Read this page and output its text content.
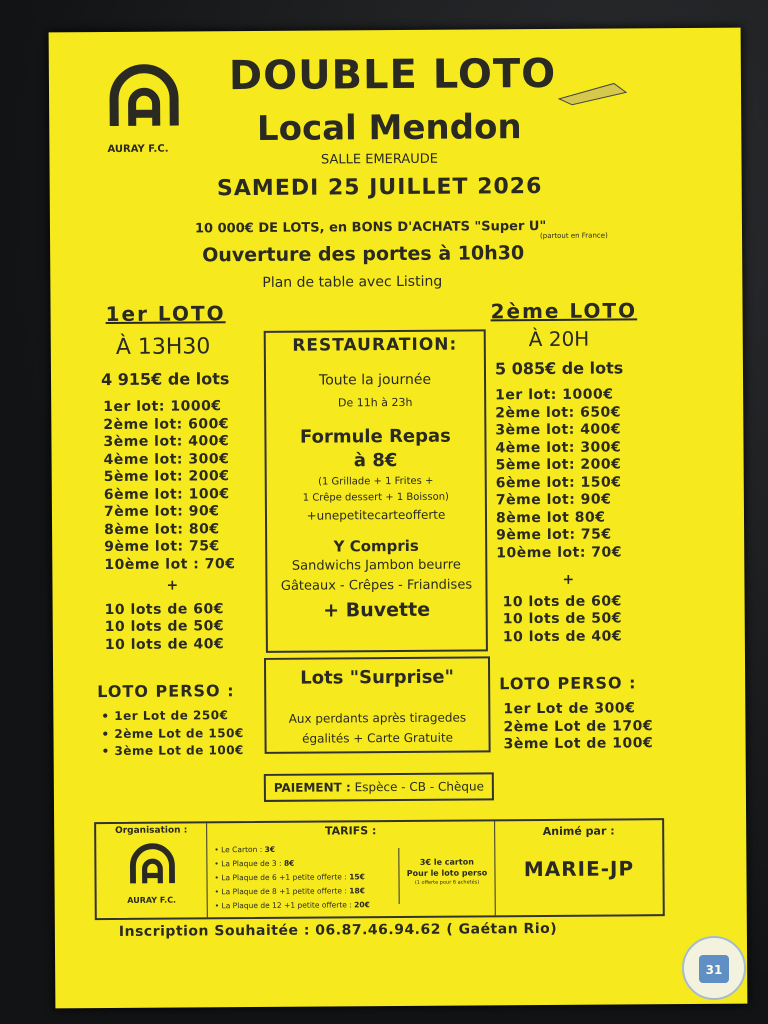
AURAY F.C.
DOUBLE LOTO
Local Mendon
SALLE EMERAUDE
SAMEDI 25 JUILLET 2026
10 000€ DE LOTS, en BONS D'ACHATS "Super U"
(partout en France)
Ouverture des portes à 10h30
Plan de table avec Listing
1er LOTO
À 13H30
4 915€ de lots
1er lot: 1000€
2ème lot: 600€
3ème lot: 400€
4ème lot: 300€
5ème lot: 200€
6ème lot: 100€
7ème lot: 90€
8ème lot: 80€
9ème lot: 75€
10ème lot : 70€
+
10 lots de 60€
10 lots de 50€
10 lots de 40€
LOTO PERSO :
• 1er Lot de 250€
• 2ème Lot de 150€
• 3ème Lot de 100€
RESTAURATION:
Toute la journée
De 11h à 23h
Formule Repas
à 8€
(1 Grillade + 1 Frites +
1 Crêpe dessert + 1 Boisson)
+unepetitecarteofferte
Y Compris
Sandwichs Jambon beurre
Gâteaux - Crêpes - Friandises
+ Buvette
Lots "Surprise"
Aux perdants après tiragedes
égalités + Carte Gratuite
PAIEMENT : Espèce - CB - Chèque
2ème LOTO
À 20H
5 085€ de lots
1er lot: 1000€
2ème lot: 650€
3ème lot: 400€
4ème lot: 300€
5ème lot: 200€
6ème lot: 150€
7ème lot: 90€
8ème lot 80€
9ème lot: 75€
10ème lot: 70€
+
10 lots de 60€
10 lots de 50€
10 lots de 40€
LOTO PERSO :
1er Lot de 300€
2ème Lot de 170€
3ème Lot de 100€
Organisation :
AURAY F.C.
TARIFS :
• Le Carton : 3€
• La Plaque de 3 : 8€
• La Plaque de 6 +1 petite offerte : 15€
• La Plaque de 8 +1 petite offerte : 18€
• La Plaque de 12 +1 petite offerte : 20€
3€ le carton
Pour le loto perso
(1 offerte pour 6 achetés)
Animé par :
MARIE-JP
Inscription Souhaitée : 06.87.46.94.62 ( Gaétan Rio)
31
